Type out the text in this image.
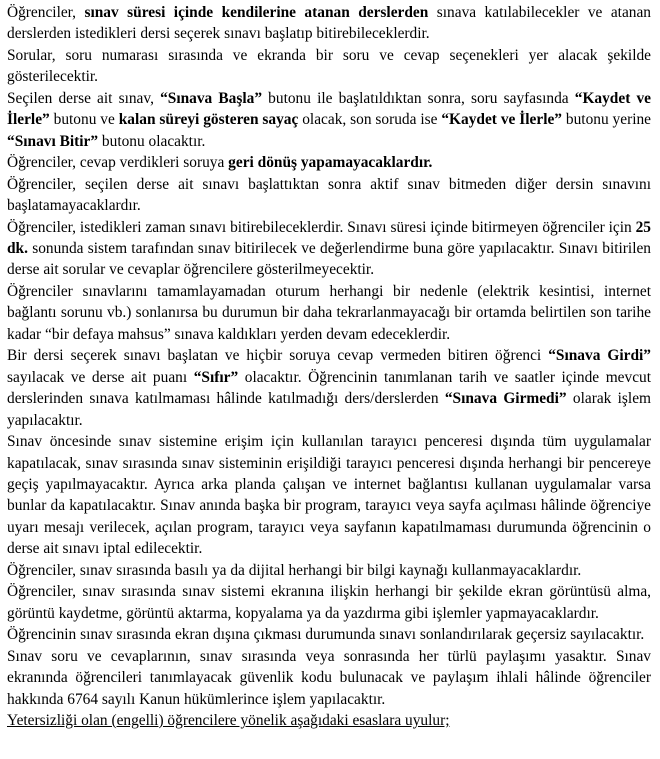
Öğrenciler, sınav süresi içinde kendilerine atanan derslerden sınava katılabilecekler ve atanan derslerden istedikleri dersi seçerek sınavı başlatıp bitirebileceklerdir.

Sorular, soru numarası sırasında ve ekranda bir soru ve cevap seçenekleri yer alacak şekilde gösterilecektir.

Seçilen derse ait sınav, “Sınava Başla” butonu ile başlatıldıktan sonra, soru sayfasında “Kaydet ve İlerle” butonu ve kalan süreyi gösteren sayaç olacak, son soruda ise “Kaydet ve İlerle” butonu yerine “Sınavı Bitir” butonu olacaktır.

Öğrenciler, cevap verdikleri soruya geri dönüş yapamayacaklardır.

Öğrenciler, seçilen derse ait sınavı başlattıktan sonra aktif sınav bitmeden diğer dersin sınavını başlatamayacaklardır.

Öğrenciler, istedikleri zaman sınavı bitirebileceklerdir. Sınavı süresi içinde bitirmeyen öğrenciler için 25 dk. sonunda sistem tarafından sınav bitirilecek ve değerlendirme buna göre yapılacaktır. Sınavı bitirilen derse ait sorular ve cevaplar öğrencilere gösterilmeyecektir.

Öğrenciler sınavlarını tamamlayamadan oturum herhangi bir nedenle (elektrik kesintisi, internet bağlantı sorunu vb.) sonlanırsa bu durumun bir daha tekrarlanmayacağı bir ortamda belirtilen son tarihe kadar “bir defaya mahsus” sınava kaldıkları yerden devam edeceklerdir.

Bir dersi seçerek sınavı başlatan ve hiçbir soruya cevap vermeden bitiren öğrenci “Sınava Girdi” sayılacak ve derse ait puanı “Sıfır” olacaktır. Öğrencinin tanımlanan tarih ve saatler içinde mevcut derslerinden sınava katılmaması hâlinde katılmadığı ders/derslerden “Sınava Girmedi” olarak işlem yapılacaktır.

Sınav öncesinde sınav sistemine erişim için kullanılan tarayıcı penceresi dışında tüm uygulamalar kapatılacak, sınav sırasında sınav sisteminin erişildiği tarayıcı penceresi dışında herhangi bir pencereye geçiş yapılmayacaktır. Ayrıca arka planda çalışan ve internet bağlantısı kullanan uygulamalar varsa bunlar da kapatılacaktır. Sınav anında başka bir program, tarayıcı veya sayfa açılması hâlinde öğrenciye uyarı mesajı verilecek, açılan program, tarayıcı veya sayfanın kapatılmaması durumunda öğrencinin o derse ait sınavı iptal edilecektir.

Öğrenciler, sınav sırasında basılı ya da dijital herhangi bir bilgi kaynağı kullanmayacaklardır.

Öğrenciler, sınav sırasında sınav sistemi ekranına ilişkin herhangi bir şekilde ekran görüntüsü alma, görüntü kaydetme, görüntü aktarma, kopyalama ya da yazdırma gibi işlemler yapmayacaklardır.

Öğrencinin sınav sırasında ekran dışına çıkması durumunda sınavı sonlandırılarak geçersiz sayılacaktır.

Sınav soru ve cevaplarının, sınav sırasında veya sonrasında her türlü paylaşımı yasaktır. Sınav ekranında öğrencileri tanımlayacak güvenlik kodu bulunacak ve paylaşım ihlali hâlinde öğrenciler hakkında 6764 sayılı Kanun hükümlerince işlem yapılacaktır.

Yetersizliği olan (engelli) öğrencilere yönelik aşağıdaki esaslara uyulur;
